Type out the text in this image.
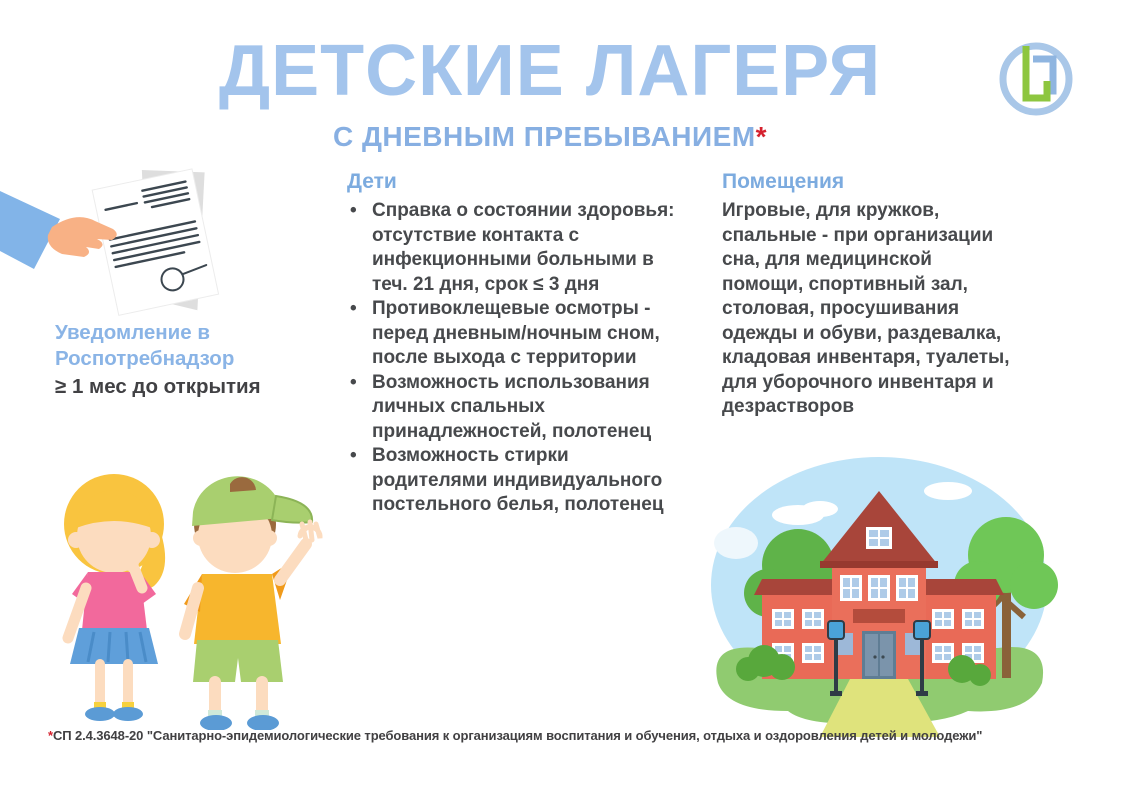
ДЕТСКИЕ ЛАГЕРЯ
С ДНЕВНЫМ ПРЕБЫВАНИЕМ*
Уведомление в Роспотребнадзор
≥ 1 мес до открытия
Дети
• Справка о состоянии здоровья: отсутствие контакта с инфекционными больными в теч. 21 дня, срок ≤ 3 дня
• Противоклещевые осмотры - перед дневным/ночным сном, после выхода с территории
• Возможность использования личных спальных принадлежностей, полотенец
• Возможность стирки родителями индивидуального постельного белья, полотенец
Помещения

Игровые, для кружков, спальные - при организации сна, для медицинской помощи, спортивный зал, столовая, просушивания одежды и обуви, раздевалка, кладовая инвентаря, туалеты, для уборочного инвентаря и дезрастворов

*СП 2.4.3648-20 "Санитарно-эпидемиологические требования к организациям воспитания и обучения, отдыха и оздоровления детей и молодежи"
